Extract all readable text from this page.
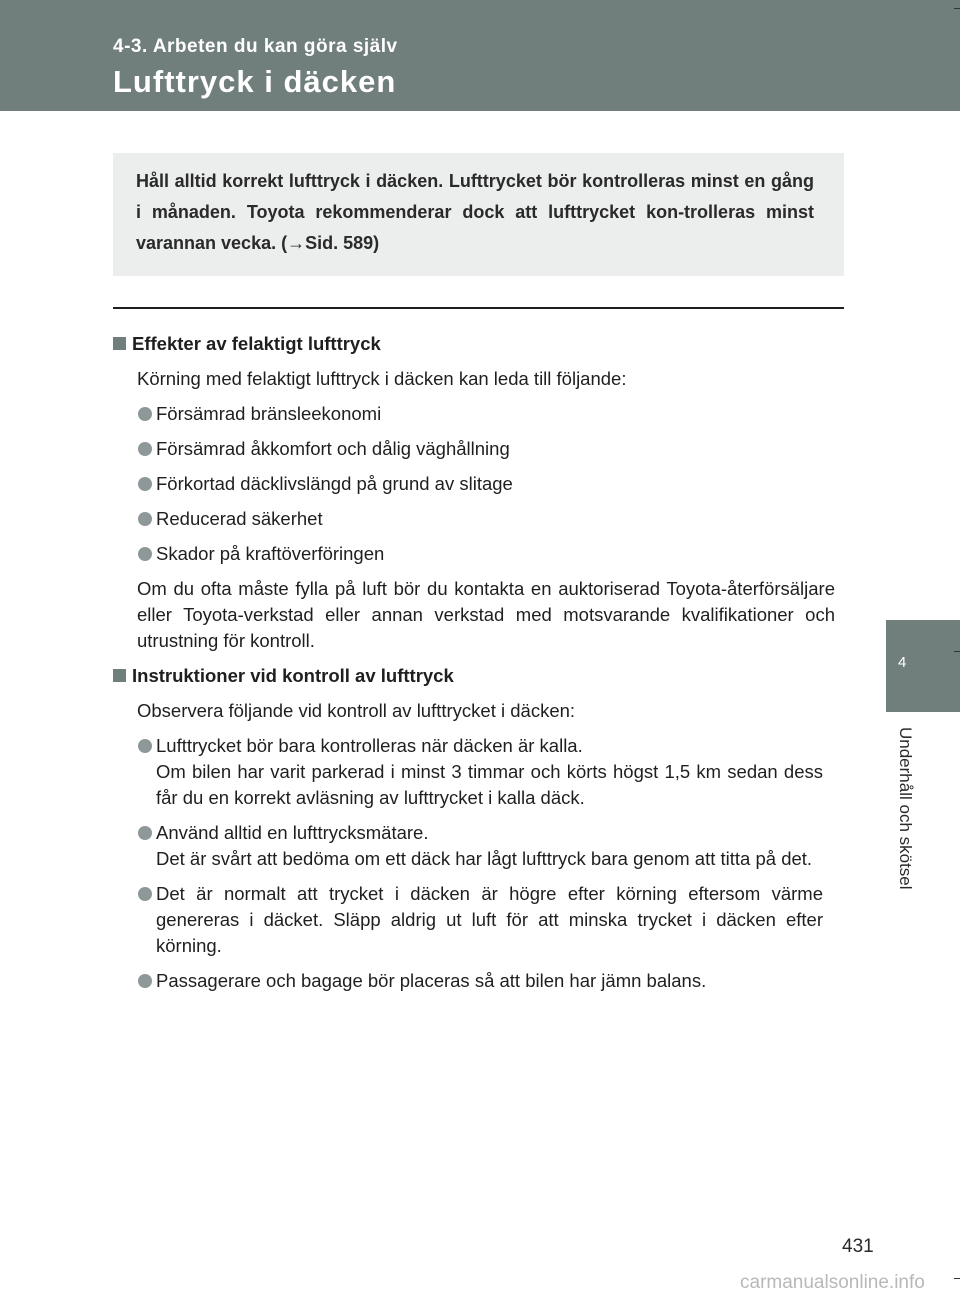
4-3. Arbeten du kan göra själv
Lufttryck i däcken
Håll alltid korrekt lufttryck i däcken. Lufttrycket bör kontrolleras minst en gång i månaden. Toyota rekommenderar dock att lufttrycket kon-trolleras minst varannan vecka. (→Sid. 589)
Effekter av felaktigt lufttryck
Körning med felaktigt lufttryck i däcken kan leda till följande:
Försämrad bränsleekonomi
Försämrad åkkomfort och dålig väghållning
Förkortad däcklivslängd på grund av slitage
Reducerad säkerhet
Skador på kraftöverföringen
Om du ofta måste fylla på luft bör du kontakta en auktoriserad Toyota-återförsäljare eller Toyota-verkstad eller annan verkstad med motsvarande kvalifikationer och utrustning för kontroll.
Instruktioner vid kontroll av lufttryck
Observera följande vid kontroll av lufttrycket i däcken:
Lufttrycket bör bara kontrolleras när däcken är kalla.
Om bilen har varit parkerad i minst 3 timmar och körts högst 1,5 km sedan dess får du en korrekt avläsning av lufttrycket i kalla däck.
Använd alltid en lufttrycksmätare.
Det är svårt att bedöma om ett däck har lågt lufttryck bara genom att titta på det.
Det är normalt att trycket i däcken är högre efter körning eftersom värme genereras i däcket. Släpp aldrig ut luft för att minska trycket i däcken efter körning.
Passagerare och bagage bör placeras så att bilen har jämn balans.
4
Underhåll och skötsel
431
carmanualsonline.info
